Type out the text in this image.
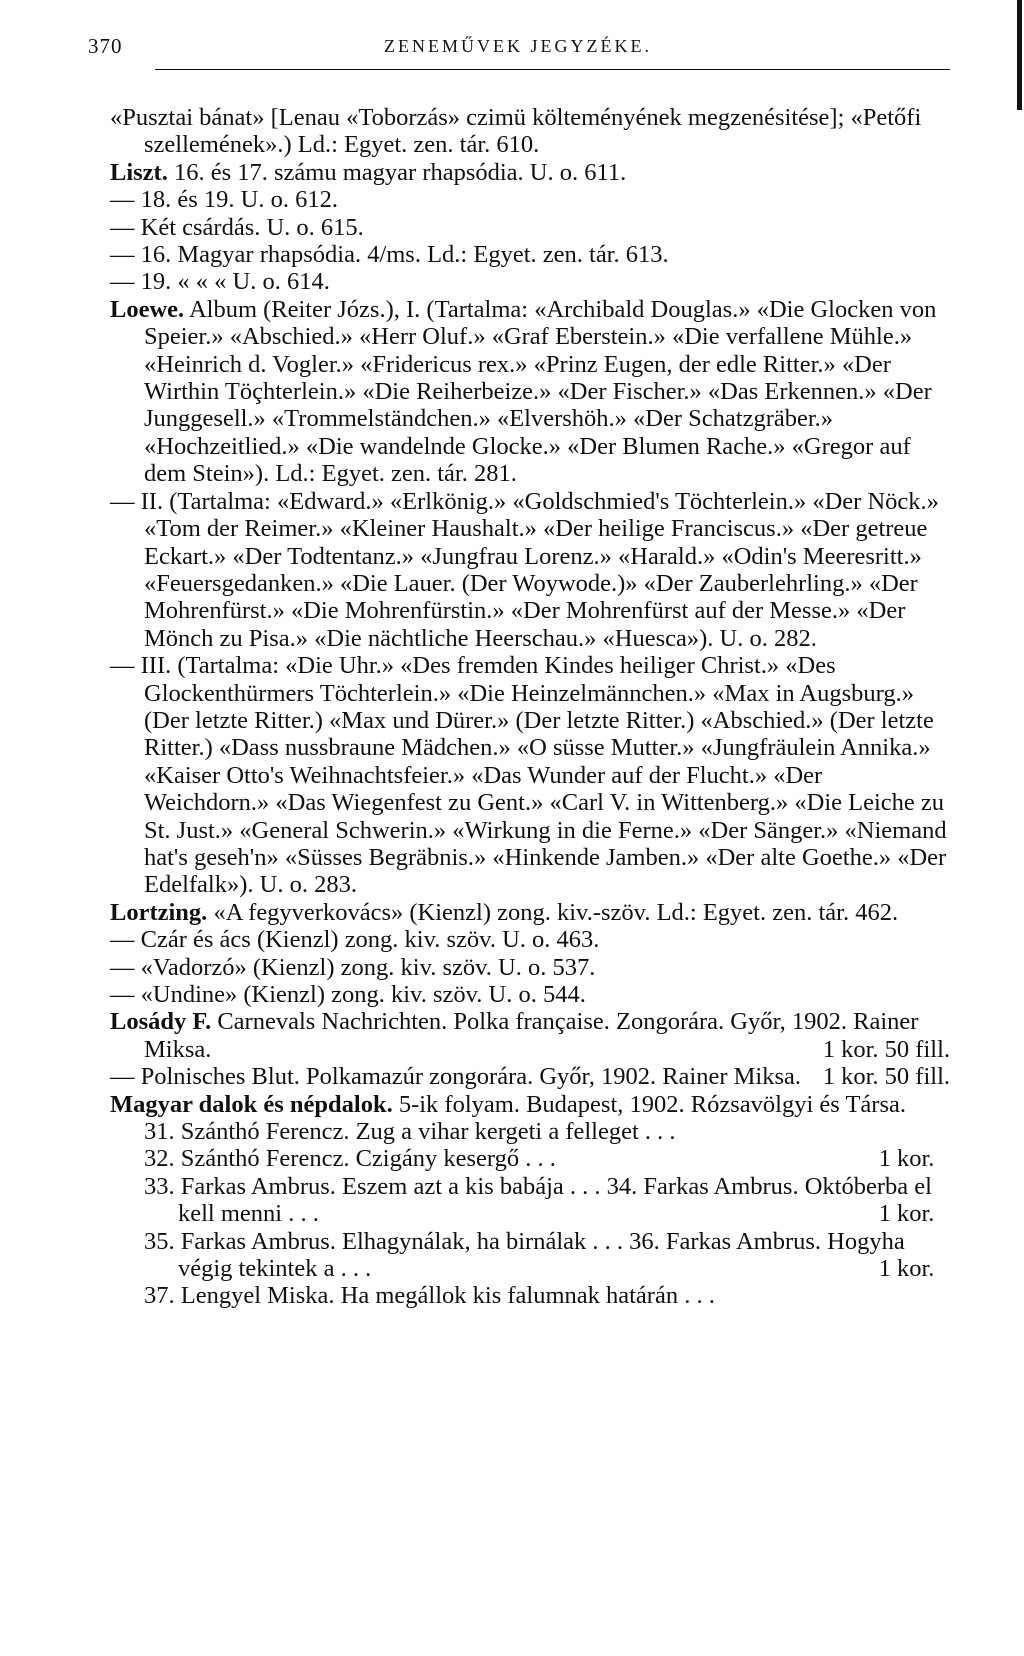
370	ZENEMŰVEK JEGYZÉKE.

«Pusztai bánat» [Lenau «Toborzás» czimü költeményének megzenésitése]; «Petőfi szellemének».) Ld.: Egyet. zen. tár. 610.

Liszt. 16. és 17. számu magyar rhapsódia. U. o. 611.

— 18. és 19. U. o. 612.

— Két csárdás. U. o. 615.

— 16. Magyar rhapsódia. 4/ms. Ld.: Egyet. zen. tár. 613.

— 19. « « « U. o. 614.

Loewe. Album (Reiter Józs.), I. (Tartalma: «Archibald Douglas.» «Die Glocken von Speier.» «Abschied.» «Herr Oluf.» «Graf Eberstein.» «Die verfallene Mühle.» «Heinrich d. Vogler.» «Fridericus rex.» «Prinz Eugen, der edle Ritter.» «Der Wirthin Töçhterlein.» «Die Reiherbeize.» «Der Fischer.» «Das Erkennen.» «Der Junggesell.» «Trommelständchen.» «Elvershöh.» «Der Schatzgräber.» «Hochzeitlied.» «Die wandelnde Glocke.» «Der Blumen Rache.» «Gregor auf dem Stein»). Ld.: Egyet. zen. tár. 281.

— II. (Tartalma: «Edward.» «Erlkönig.» «Goldschmied's Töchterlein.» «Der Nöck.» «Tom der Reimer.» «Kleiner Haushalt.» «Der heilige Franciscus.» «Der getreue Eckart.» «Der Todtentanz.» «Jungfrau Lorenz.» «Harald.» «Odin's Meeresritt.» «Feuersgedanken.» «Die Lauer. (Der Woywode.)» «Der Zauberlehrling.» «Der Mohrenfürst.» «Die Mohrenfürstin.» «Der Mohrenfürst auf der Messe.» «Der Mönch zu Pisa.» «Die nächtliche Heerschau.» «Huesca»). U. o. 282.

— III. (Tartalma: «Die Uhr.» «Des fremden Kindes heiliger Christ.» «Des Glockenthürmers Töchterlein.» «Die Heinzelmännchen.» «Max in Augsburg.» (Der letzte Ritter.) «Max und Dürer.» (Der letzte Ritter.) «Abschied.» (Der letzte Ritter.) «Dass nussbraune Mädchen.» «O süsse Mutter.» «Jungfräulein Annika.» «Kaiser Otto's Weihnachtsfeier.» «Das Wunder auf der Flucht.» «Der Weichdorn.» «Das Wiegenfest zu Gent.» «Carl V. in Wittenberg.» «Die Leiche zu St. Just.» «General Schwerin.» «Wirkung in die Ferne.» «Der Sänger.» «Niemand hat's geseh'n» «Süsses Begräbnis.» «Hinkende Jamben.» «Der alte Goethe.» «Der Edelfalk»). U. o. 283.

Lortzing. «A fegyverkovács» (Kienzl) zong. kiv.-szöv. Ld.: Egyet. zen. tár. 462.

— Czár és ács (Kienzl) zong. kiv. szöv. U. o. 463.

— «Vadorzó» (Kienzl) zong. kiv. szöv. U. o. 537.

— «Undine» (Kienzl) zong. kiv. szöv. U. o. 544.

Losády F. Carnevals Nachrichten. Polka française. Zongorára. Győr, 1902. Rainer Miksa.	1 kor. 50 fill.

— Polnisches Blut. Polkamazúr zongorára. Győr, 1902. Rainer Miksa. 1 kor. 50 fill.

Magyar dalok és népdalok. 5-ik folyam. Budapest, 1902. Rózsavölgyi és Társa.

31. Szánthó Ferencz. Zug a vihar kergeti a felleget . . .

32. Szánthó Ferencz. Czigány kesergő . . .	1 kor.

33. Farkas Ambrus. Eszem azt a kis babája . . . 34. Farkas Ambrus. Októberba el kell menni . . .	1 kor.

35. Farkas Ambrus. Elhagynálak, ha birnálak . . . 36. Farkas Ambrus. Hogyha végig tekintek a . . .	1 kor.

37. Lengyel Miska. Ha megállok kis falumnak határán . . .
